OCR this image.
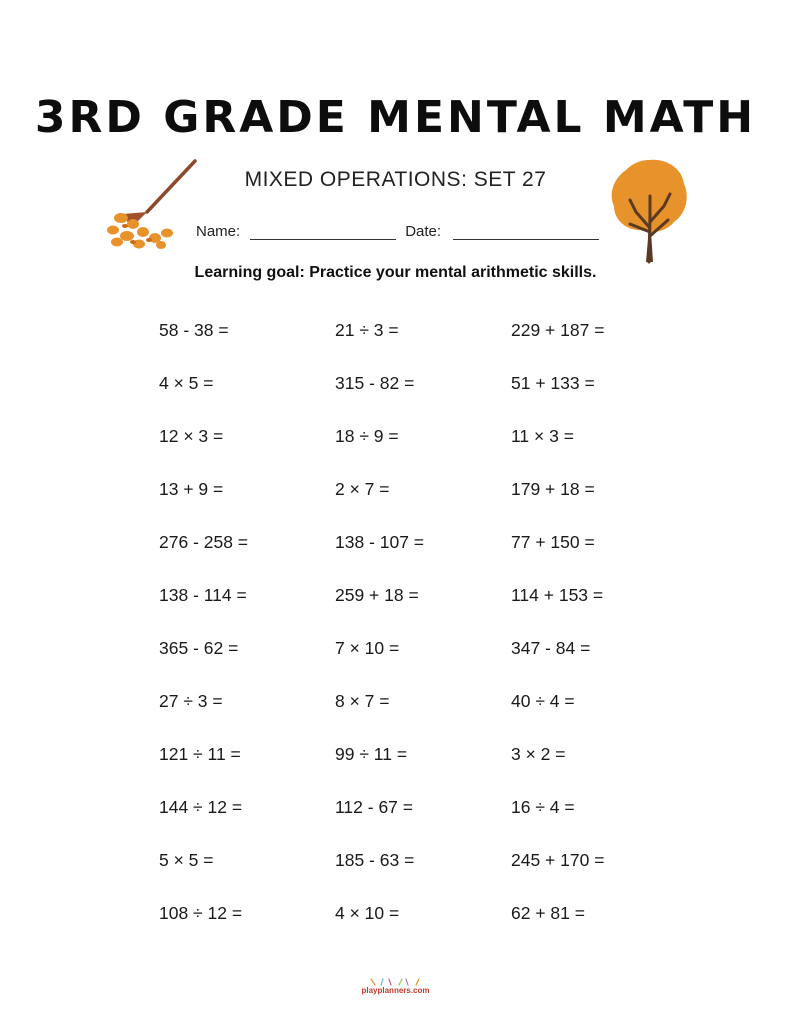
3RD GRADE MENTAL MATH
MIXED OPERATIONS: SET 27
Name:	Date:
Learning goal: Practice your mental arithmetic skills.
58 - 38 =	21 ÷ 3 =	229 + 187 =
4 × 5 =	315 - 82 =	51 + 133 =
12 × 3 =	18 ÷ 9 =	11 × 3 =
13 + 9 =	2 × 7 =	179 + 18 =
276 - 258 =	138 - 107 =	77 + 150 =
138 - 114 =	259 + 18 =	114 + 153 =
365 - 62 =	7 × 10 =	347 - 84 =
27 ÷ 3 =	8 × 7 =	40 ÷ 4 =
121 ÷ 11 =	99 ÷ 11 =	3 × 2 =
144 ÷ 12 =	112 - 67 =	16 ÷ 4 =
5 × 5 =	185 - 63 =	245 + 170 =
108 ÷ 12 =	4 × 10 =	62 + 81 =
playplanners.com
